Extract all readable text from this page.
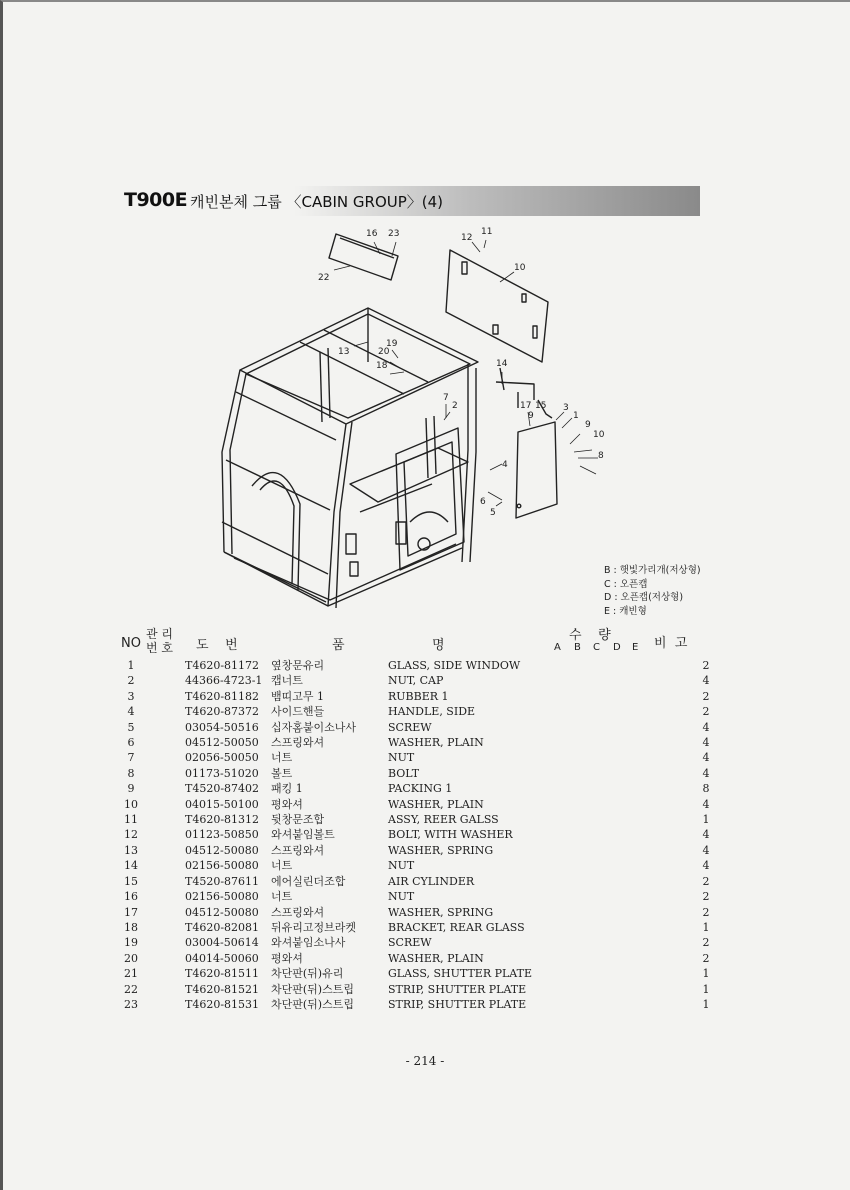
T900E 캐빈본체 그룹 〈CABIN GROUP〉(4)
16 23
22
12
11
10
13
19
20
18	14
7
2	17 15 3
1
9
9
10
8
4
6
5
B : 햇빛가리개(저상형)
C : 오픈캡
D : 오픈캡(저상형)
E : 캐빈형
NO
관 리
번 호 도    번	품	명
수    량
A B C D E 비  고
1	T4620-81172	옆창문유리	GLASS, SIDE WINDOW					2
2	44366-4723-1	캡너트	NUT, CAP					4
3	T4620-81182	뱀띠고무 1	RUBBER 1					2
4	T4620-87372	사이드핸들	HANDLE, SIDE					2
5	03054-50516	십자홈붙이소나사	SCREW					4
6	04512-50050	스프링와셔	WASHER, PLAIN					4
7	02056-50050	너트	NUT					4
8	01173-51020	볼트	BOLT					4
9	T4520-87402	패킹 1	PACKING 1					8
10	04015-50100	평와셔	WASHER, PLAIN					4
11	T4620-81312	뒷창문조합	ASSY, REER GALSS					1
12	01123-50850	와셔붙임볼트	BOLT, WITH WASHER					4
13	04512-50080	스프링와셔	WASHER, SPRING					4
14	02156-50080	너트	NUT					4
15	T4520-87611	에어실린더조합	AIR CYLINDER					2
16	02156-50080	너트	NUT					2
17	04512-50080	스프링와셔	WASHER, SPRING					2
18	T4620-82081	뒤유리고정브라켓	BRACKET, REAR GLASS					1
19	03004-50614	와셔붙임소나사	SCREW					2
20	04014-50060	평와셔	WASHER, PLAIN					2
21	T4620-81511	차단판(뒤)유리	GLASS, SHUTTER PLATE					1
22	T4620-81521	차단판(뒤)스트립	STRIP, SHUTTER PLATE					1
23	T4620-81531	차단판(뒤)스트립	STRIP, SHUTTER PLATE					1
- 214 -
